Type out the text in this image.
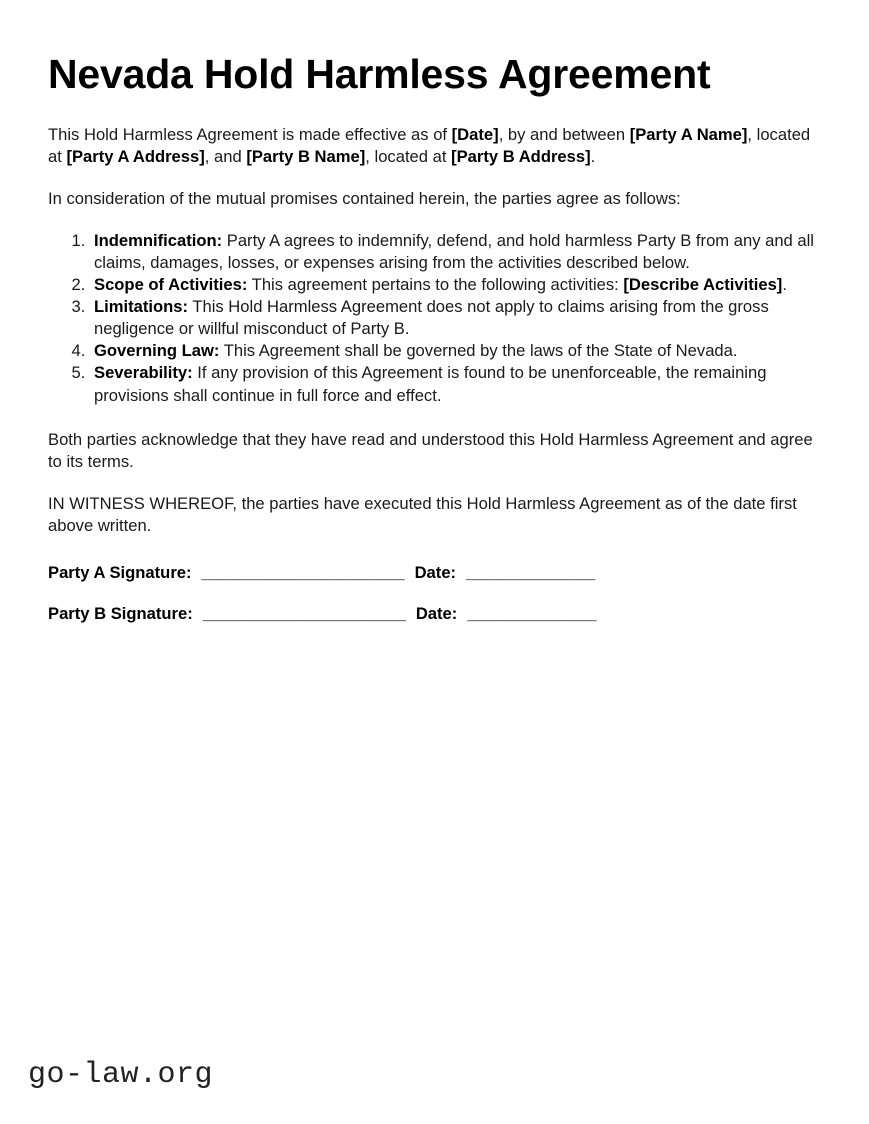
Nevada Hold Harmless Agreement

This Hold Harmless Agreement is made effective as of [Date], by and between [Party A Name], located at [Party A Address], and [Party B Name], located at [Party B Address].

In consideration of the mutual promises contained herein, the parties agree as follows:

1. Indemnification: Party A agrees to indemnify, defend, and hold harmless Party B from any and all claims, damages, losses, or expenses arising from the activities described below.
2. Scope of Activities: This agreement pertains to the following activities: [Describe Activities].
3. Limitations: This Hold Harmless Agreement does not apply to claims arising from the gross negligence or willful misconduct of Party B.
4. Governing Law: This Agreement shall be governed by the laws of the State of Nevada.
5. Severability: If any provision of this Agreement is found to be unenforceable, the remaining provisions shall continue in full force and effect.

Both parties acknowledge that they have read and understood this Hold Harmless Agreement and agree to its terms.

IN WITNESS WHEREOF, the parties have executed this Hold Harmless Agreement as of the date first above written.

Party A Signature: ______________________ Date: ______________
Party B Signature: ______________________ Date: ______________
go-law.org
